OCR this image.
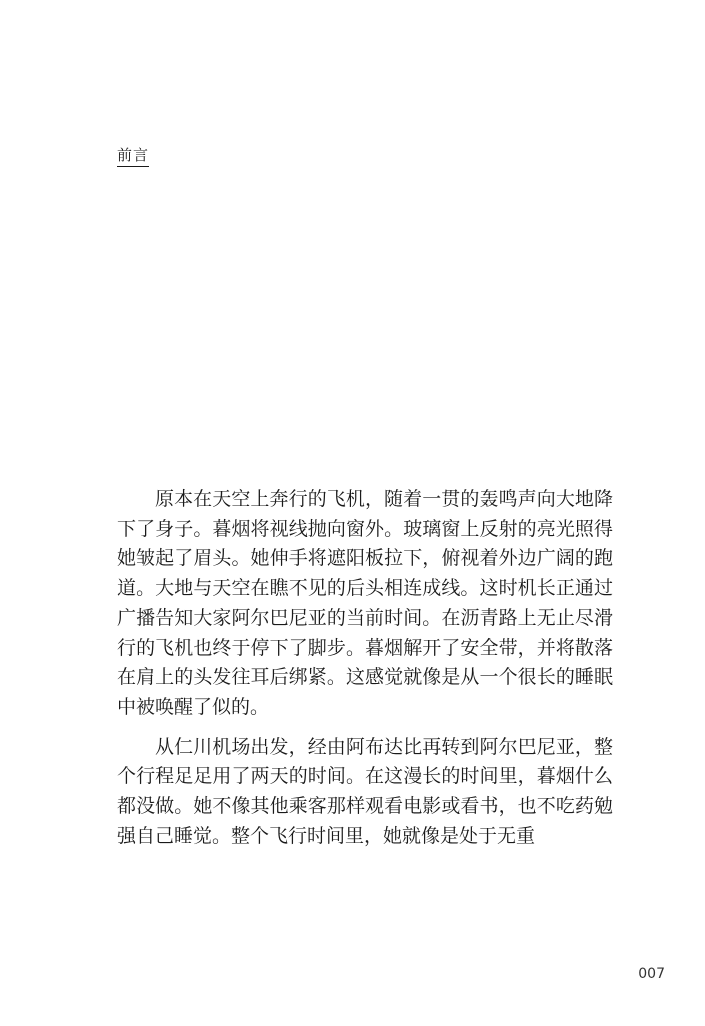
前言

原本在天空上奔行的飞机，随着一贯的轰鸣声向大地降下了身子。暮烟将视线抛向窗外。玻璃窗上反射的亮光照得她皱起了眉头。她伸手将遮阳板拉下，俯视着外边广阔的跑道。大地与天空在瞧不见的后头相连成线。这时机长正通过广播告知大家阿尔巴尼亚的当前时间。在沥青路上无止尽滑行的飞机也终于停下了脚步。暮烟解开了安全带，并将散落在肩上的头发往耳后绑紧。这感觉就像是从一个很长的睡眠中被唤醒了似的。

从仁川机场出发，经由阿布达比再转到阿尔巴尼亚，整个行程足足用了两天的时间。在这漫长的时间里，暮烟什么都没做。她不像其他乘客那样观看电影或看书，也不吃药勉强自己睡觉。整个飞行时间里，她就像是处于无重

007
